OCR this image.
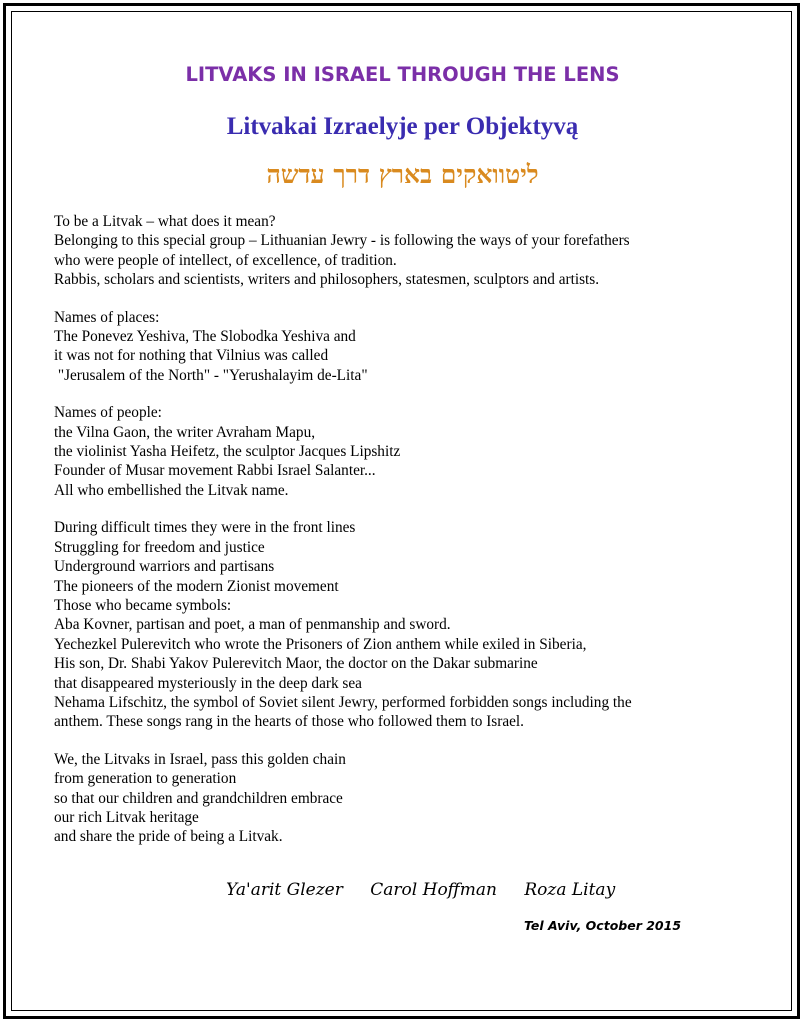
LITVAKS IN ISRAEL THROUGH THE LENS
Litvakai Izraelyje per Objektyvą
ליטוואקים בארץ דרך עדשה
To be a Litvak – what does it mean?
Belonging to this special group – Lithuanian Jewry - is following the ways of your forefathers
who were people of intellect, of excellence, of tradition.
Rabbis, scholars and scientists, writers and philosophers, statesmen, sculptors and artists.
Names of places:
The Ponevez Yeshiva, The Slobodka Yeshiva and
it was not for nothing that Vilnius was called
"Jerusalem of the North" - "Yerushalayim de-Lita"
Names of people:
the Vilna Gaon, the writer Avraham Mapu,
the violinist Yasha Heifetz, the sculptor Jacques Lipshitz
Founder of Musar movement Rabbi Israel Salanter...
All who embellished the Litvak name.
During difficult times they were in the front lines
Struggling for freedom and justice
Underground warriors and partisans
The pioneers of the modern Zionist movement
Those who became symbols:
Aba Kovner, partisan and poet, a man of penmanship and sword.
Yechezkel Pulerevitch who wrote the Prisoners of Zion anthem while exiled in Siberia,
His son, Dr. Shabi Yakov Pulerevitch Maor, the doctor on the Dakar submarine
that disappeared mysteriously in the deep dark sea
Nehama Lifschitz, the symbol of Soviet silent Jewry, performed forbidden songs including the
anthem. These songs rang in the hearts of those who followed them to Israel.
We, the Litvaks in Israel, pass this golden chain
from generation to generation
so that our children and grandchildren embrace
our rich Litvak heritage
and share the pride of being a Litvak.
Ya'arit Glezer Carol Hoffman Roza Litay
Tel Aviv, October 2015
